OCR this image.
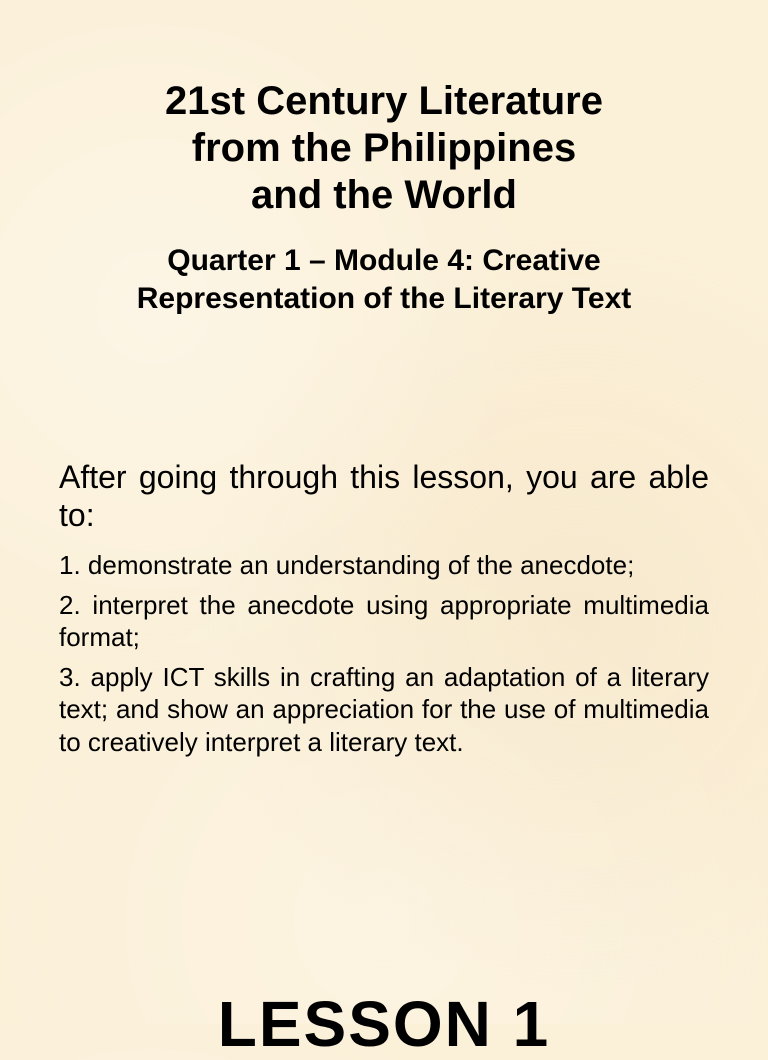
21st Century Literature
from the Philippines
and the World
Quarter 1 – Module 4: Creative
Representation of the Literary Text

After going through this lesson, you are able to:

1. demonstrate an understanding of the anecdote;
2. interpret the anecdote using appropriate multimedia format;
3. apply ICT skills in crafting an adaptation of a literary text; and show an appreciation for the use of multimedia to creatively interpret a literary text.
LESSON 1
